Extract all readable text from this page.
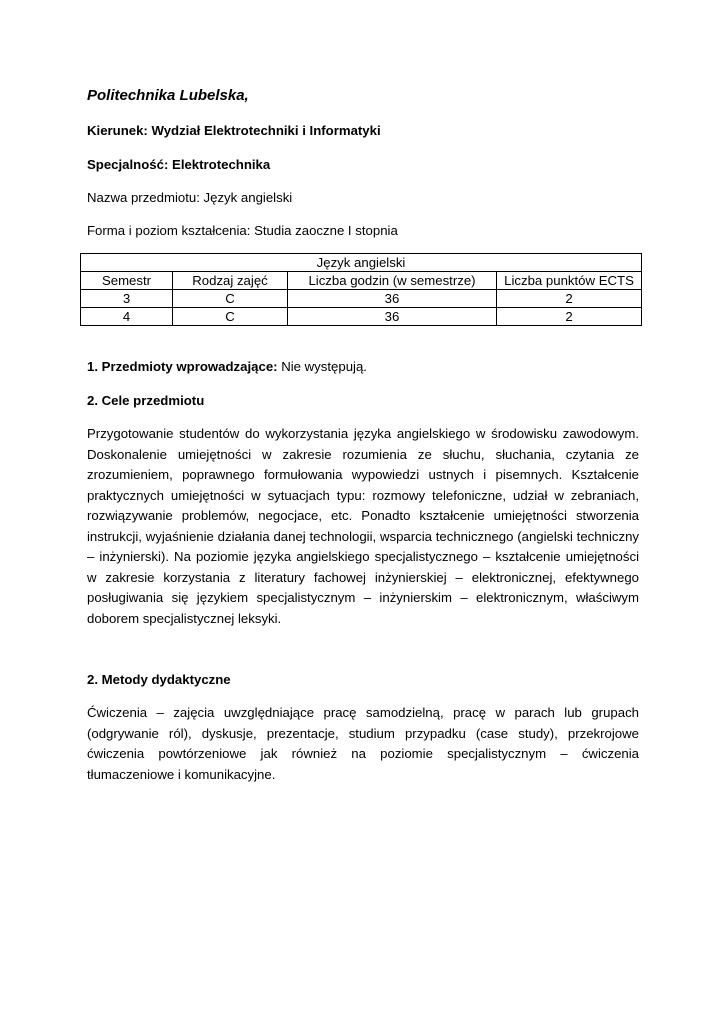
Politechnika Lubelska,
Kierunek: Wydział Elektrotechniki i Informatyki
Specjalność: Elektrotechnika
Nazwa przedmiotu: Język angielski
Forma i poziom kształcenia: Studia zaoczne I stopnia
Język angielski			
Semestr	Rodzaj zajęć	Liczba godzin (w semestrze)	Liczba punktów ECTS
3	C	36	2
4	C	36	2
1. Przedmioty wprowadzające: Nie występują.
2. Cele przedmiotu

Przygotowanie studentów do wykorzystania języka angielskiego w środowisku zawodowym. Doskonalenie umiejętności w zakresie rozumienia ze słuchu, słuchania, czytania ze zrozumieniem, poprawnego formułowania wypowiedzi ustnych i pisemnych. Kształcenie praktycznych umiejętności w sytuacjach typu: rozmowy telefoniczne, udział w zebraniach, rozwiązywanie problemów, negocjace, etc. Ponadto kształcenie umiejętności stworzenia instrukcji, wyjaśnienie działania danej technologii, wsparcia technicznego (angielski techniczny – inżynierski). Na poziomie języka angielskiego specjalistycznego – kształcenie umiejętności w zakresie korzystania z literatury fachowej inżynierskiej – elektronicznej, efektywnego posługiwania się językiem specjalistycznym – inżynierskim – elektronicznym, właściwym doborem specjalistycznej leksyki.

2. Metody dydaktyczne

Ćwiczenia – zajęcia uwzględniające pracę samodzielną, pracę w parach lub grupach (odgrywanie ról), dyskusje, prezentacje, studium przypadku (case study), przekrojowe ćwiczenia powtórzeniowe jak również na poziomie specjalistycznym – ćwiczenia tłumaczeniowe i komunikacyjne.
